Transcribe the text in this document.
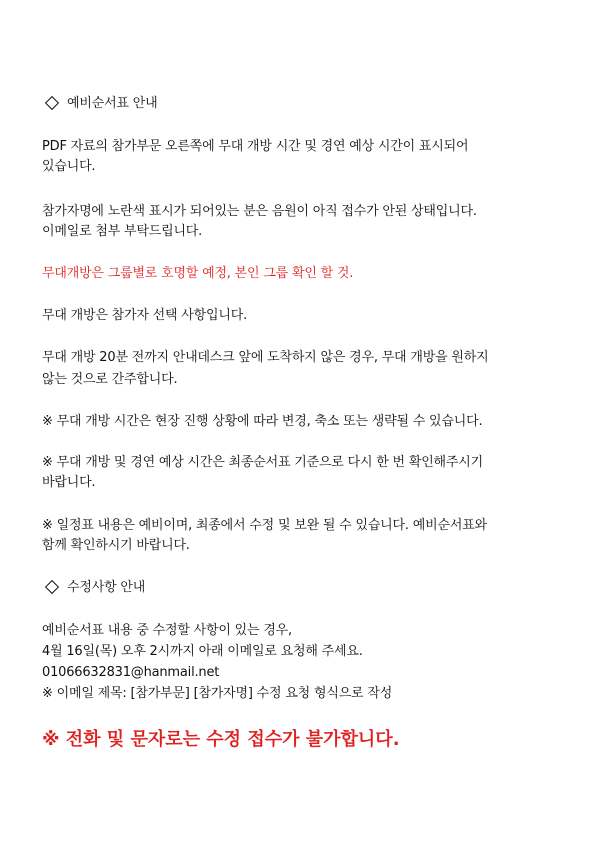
예비순서표 안내
PDF 자료의 참가부문 오른쪽에 무대 개방 시간 및 경연 예상 시간이 표시되어
있습니다.
참가자명에 노란색 표시가 되어있는 분은 음원이 아직 접수가 안된 상태입니다.
이메일로 첨부 부탁드립니다.
무대개방은 그룹별로 호명할 예정, 본인 그룹 확인 할 것.
무대 개방은 참가자 선택 사항입니다.
무대 개방 20분 전까지 안내데스크 앞에 도착하지 않은 경우, 무대 개방을 원하지
않는 것으로 간주합니다.
※ 무대 개방 시간은 현장 진행 상황에 따라 변경, 축소 또는 생략될 수 있습니다.
※ 무대 개방 및 경연 예상 시간은 최종순서표 기준으로 다시 한 번 확인해주시기
바랍니다.
※ 일정표 내용은 예비이며, 최종에서 수정 및 보완 될 수 있습니다. 예비순서표와
함께 확인하시기 바랍니다.
수정사항 안내
예비순서표 내용 중 수정할 사항이 있는 경우,
4월 16일(목) 오후 2시까지 아래 이메일로 요청해 주세요.
01066632831@hanmail.net
※ 이메일 제목: [참가부문] [참가자명] 수정 요청 형식으로 작성
※ 전화 및 문자로는 수정 접수가 불가합니다.
